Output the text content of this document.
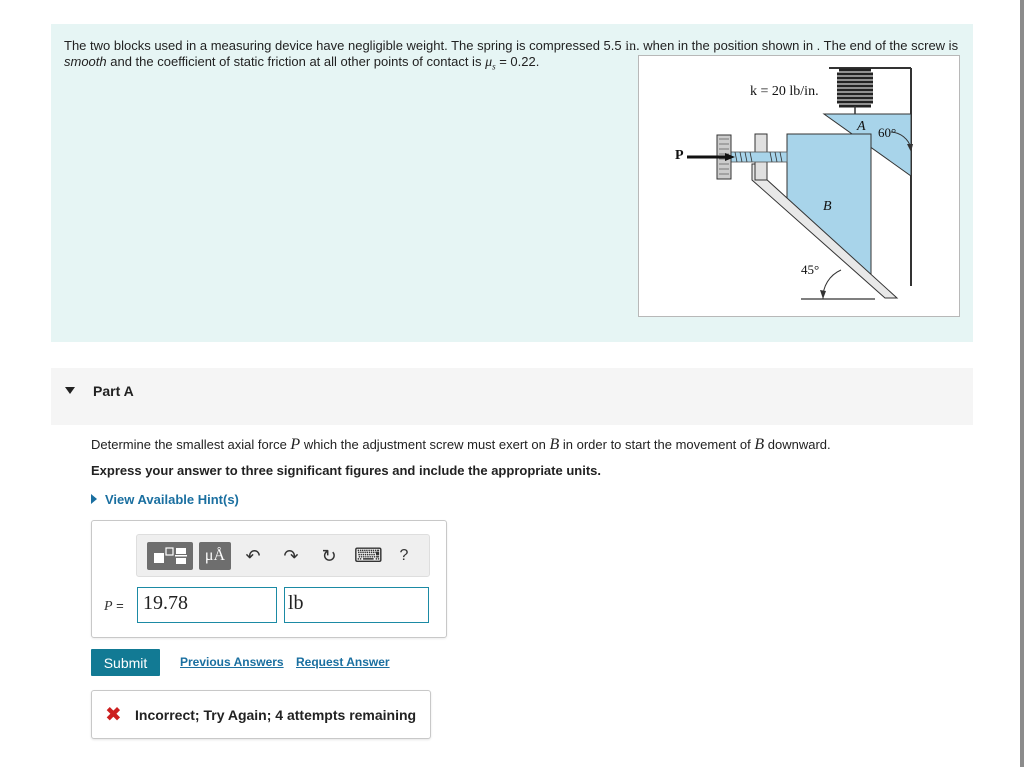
The two blocks used in a measuring device have negligible weight. The spring is compressed 5.5 in. when in the position shown in . The end of the screw is smooth and the coefficient of static friction at all other points of contact is $\mu_s = 0.22$.
k = 20 lb/in.
A 60°
P
B
45°
Part A
Determine the smallest axial force P which the adjustment screw must exert on B in order to start the movement of B downward.
Express your answer to three significant figures and include the appropriate units.
View Available Hint(s)
μÅ	↶ ↷ ↻ ⌨	?
P = 19.78	lb
Submit	Previous Answers Request Answer
✖ Incorrect; Try Again; 4 attempts remaining
